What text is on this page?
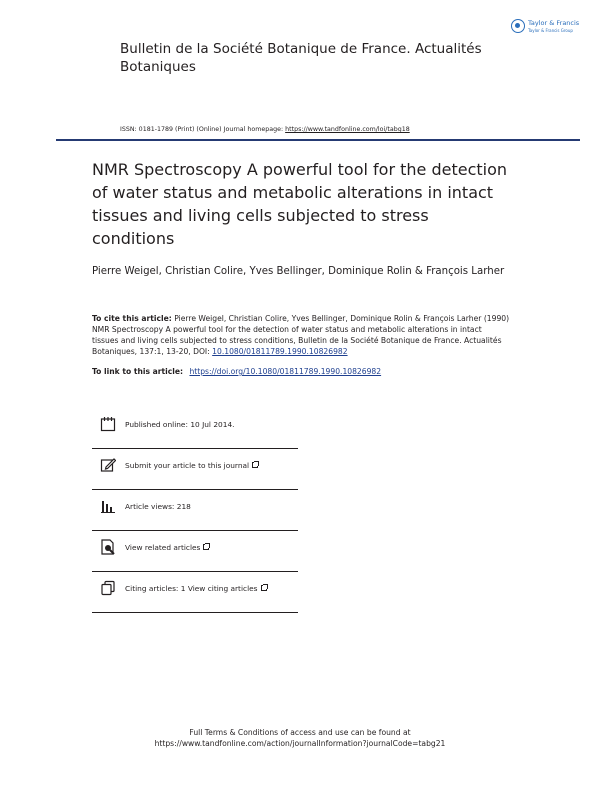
Taylor & Francis
Taylor & Francis Group
Bulletin de la Société Botanique de France. Actualités Botaniques
ISSN: 0181-1789 (Print) (Online) Journal homepage: https://www.tandfonline.com/loi/tabg18
NMR Spectroscopy A powerful tool for the detection of water status and metabolic alterations in intact tissues and living cells subjected to stress conditions
Pierre Weigel, Christian Colire, Yves Bellinger, Dominique Rolin & François Larher
To cite this article: Pierre Weigel, Christian Colire, Yves Bellinger, Dominique Rolin & François Larher (1990) NMR Spectroscopy A powerful tool for the detection of water status and metabolic alterations in intact tissues and living cells subjected to stress conditions, Bulletin de la Société Botanique de France. Actualités Botaniques, 137:1, 13-20, DOI: 10.1080/01811789.1990.10826982
To link to this article: https://doi.org/10.1080/01811789.1990.10826982
Published online: 10 Jul 2014.
Submit your article to this journal
Article views: 218
View related articles
Citing articles: 1 View citing articles
Full Terms & Conditions of access and use can be found at
https://www.tandfonline.com/action/journalInformation?journalCode=tabg21
